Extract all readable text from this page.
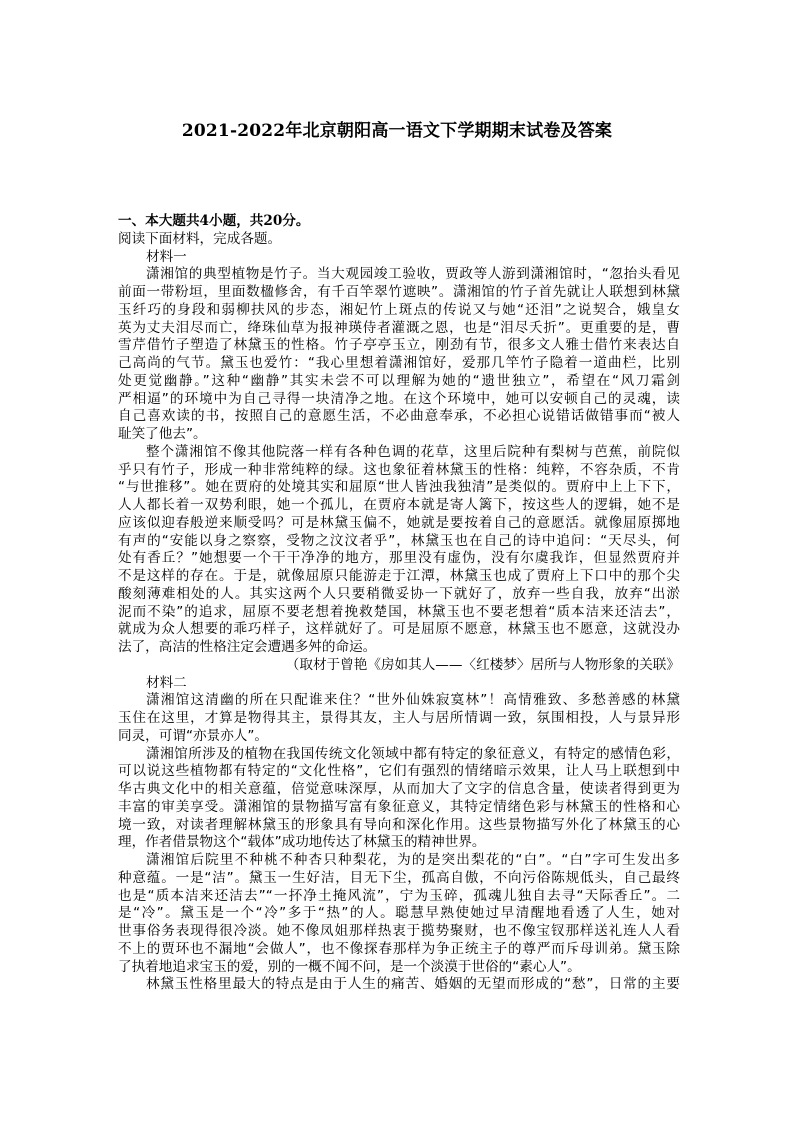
2021-2022年北京朝阳高一语文下学期期末试卷及答案
一、本大题共4小题，共20分。
阅读下面材料，完成各题。
材料一
潇湘馆的典型植物是竹子。当大观园竣工验收，贾政等人游到潇湘馆时，“忽抬头看见
前面一带粉垣，里面数楹修舍，有千百竿翠竹遮映”。潇湘馆的竹子首先就让人联想到林黛
玉纤巧的身段和弱柳扶风的步态，湘妃竹上斑点的传说又与她“还泪”之说契合，娥皇女
英为丈夫泪尽而亡，绛珠仙草为报神瑛侍者灌溉之恩，也是“泪尽夭折”。更重要的是，曹
雪芹借竹子塑造了林黛玉的性格。竹子亭亭玉立，刚劲有节，很多文人雅士借竹来表达自
己高尚的气节。黛玉也爱竹：“我心里想着潇湘馆好，爱那几竿竹子隐着一道曲栏，比别
处更觉幽静。”这种“幽静”其实未尝不可以理解为她的“遗世独立”，希望在“风刀霜剑
严相逼”的环境中为自己寻得一块清净之地。在这个环境中，她可以安顿自己的灵魂，读
自己喜欢读的书，按照自己的意愿生活，不必曲意奉承，不必担心说错话做错事而“被人
耻笑了他去”。
整个潇湘馆不像其他院落一样有各种色调的花草，这里后院种有梨树与芭蕉，前院似
乎只有竹子，形成一种非常纯粹的绿。这也象征着林黛玉的性格：纯粹，不容杂质，不肯
“与世推移”。她在贾府的处境其实和屈原“世人皆浊我独清”是类似的。贾府中上上下下，
人人都长着一双势利眼，她一个孤儿，在贾府本就是寄人篱下，按这些人的逻辑，她不是
应该似迎春般逆来顺受吗？可是林黛玉偏不，她就是要按着自己的意愿活。就像屈原掷地
有声的“安能以身之察察，受物之汶汶者乎”，林黛玉也在自己的诗中追问：“天尽头，何
处有香丘？”她想要一个干干净净的地方，那里没有虚伪，没有尔虞我诈，但显然贾府并
不是这样的存在。于是，就像屈原只能游走于江潭，林黛玉也成了贾府上下口中的那个尖
酸刻薄难相处的人。其实这两个人只要稍微妥协一下就好了，放弃一些自我，放弃“出淤
泥而不染”的追求，屈原不要老想着挽救楚国，林黛玉也不要老想着“质本洁来还洁去”，
就成为众人想要的乖巧样子，这样就好了。可是屈原不愿意，林黛玉也不愿意，这就没办
法了，高洁的性格注定会遭遇多舛的命运。
（取材于曾艳《房如其人——〈红楼梦〉居所与人物形象的关联》
材料二
潇湘馆这清幽的所在只配谁来住？“世外仙姝寂寞林”！高情雅致、多愁善感的林黛
玉住在这里，才算是物得其主，景得其友，主人与居所情调一致，氛围相投，人与景异形
同灵，可谓“亦景亦人”。
潇湘馆所涉及的植物在我国传统文化领域中都有特定的象征意义，有特定的感情色彩，
可以说这些植物都有特定的“文化性格”，它们有强烈的情绪暗示效果，让人马上联想到中
华古典文化中的相关意蕴，倍觉意味深厚，从而加大了文字的信息含量，使读者得到更为
丰富的审美享受。潇湘馆的景物描写富有象征意义，其特定情绪色彩与林黛玉的性格和心
境一致，对读者理解林黛玉的形象具有导向和深化作用。这些景物描写外化了林黛玉的心
理，作者借景物这个“载体”成功地传达了林黛玉的精神世界。
潇湘馆后院里不种桃不种杏只种梨花，为的是突出梨花的“白”。“白”字可生发出多
种意蕴。一是“洁”。黛玉一生好洁，目无下尘，孤高自傲，不向污俗陈规低头，自己最终
也是“质本洁来还洁去”“一抔净土掩风流”，宁为玉碎，孤魂儿独自去寻“天际香丘”。二
是“冷”。黛玉是一个“冷”多于“热”的人。聪慧早熟使她过早清醒地看透了人生，她对
世事俗务表现得很冷淡。她不像凤姐那样热衷于揽势聚财，也不像宝钗那样送礼连人人看
不上的贾环也不漏地“会做人”，也不像探春那样为争正统主子的尊严而斥母训弟。黛玉除
了执着地追求宝玉的爱，别的一概不闻不问，是一个淡漠于世俗的“素心人”。
林黛玉性格里最大的特点是由于人生的痛苦、婚姻的无望而形成的“愁”，日常的主要
